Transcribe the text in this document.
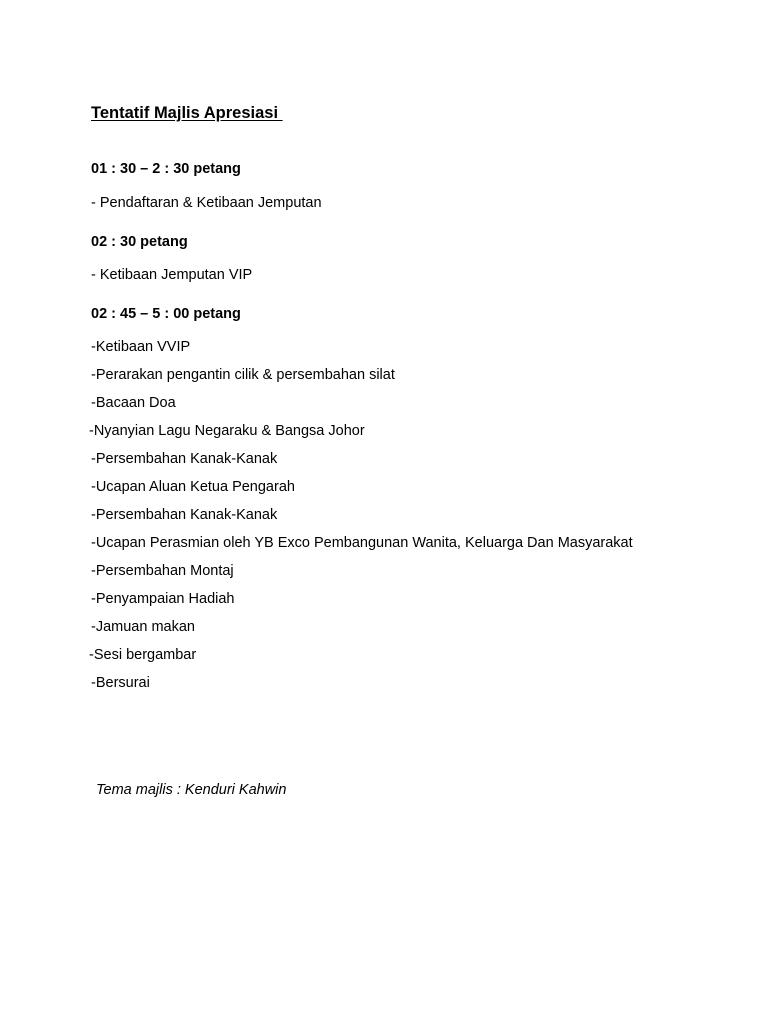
Tentatif Majlis Apresiasi
01 : 30 – 2 : 30 petang
- Pendaftaran & Ketibaan Jemputan
02 : 30 petang
- Ketibaan Jemputan VIP
02 : 45 – 5 : 00 petang
-Ketibaan VVIP
-Perarakan pengantin cilik & persembahan silat
-Bacaan Doa
-Nyanyian Lagu Negaraku & Bangsa Johor
-Persembahan Kanak-Kanak
-Ucapan Aluan Ketua Pengarah
-Persembahan Kanak-Kanak
-Ucapan Perasmian oleh YB Exco Pembangunan Wanita, Keluarga Dan Masyarakat
-Persembahan Montaj
-Penyampaian Hadiah
-Jamuan makan
-Sesi bergambar
-Bersurai
Tema majlis : Kenduri Kahwin
